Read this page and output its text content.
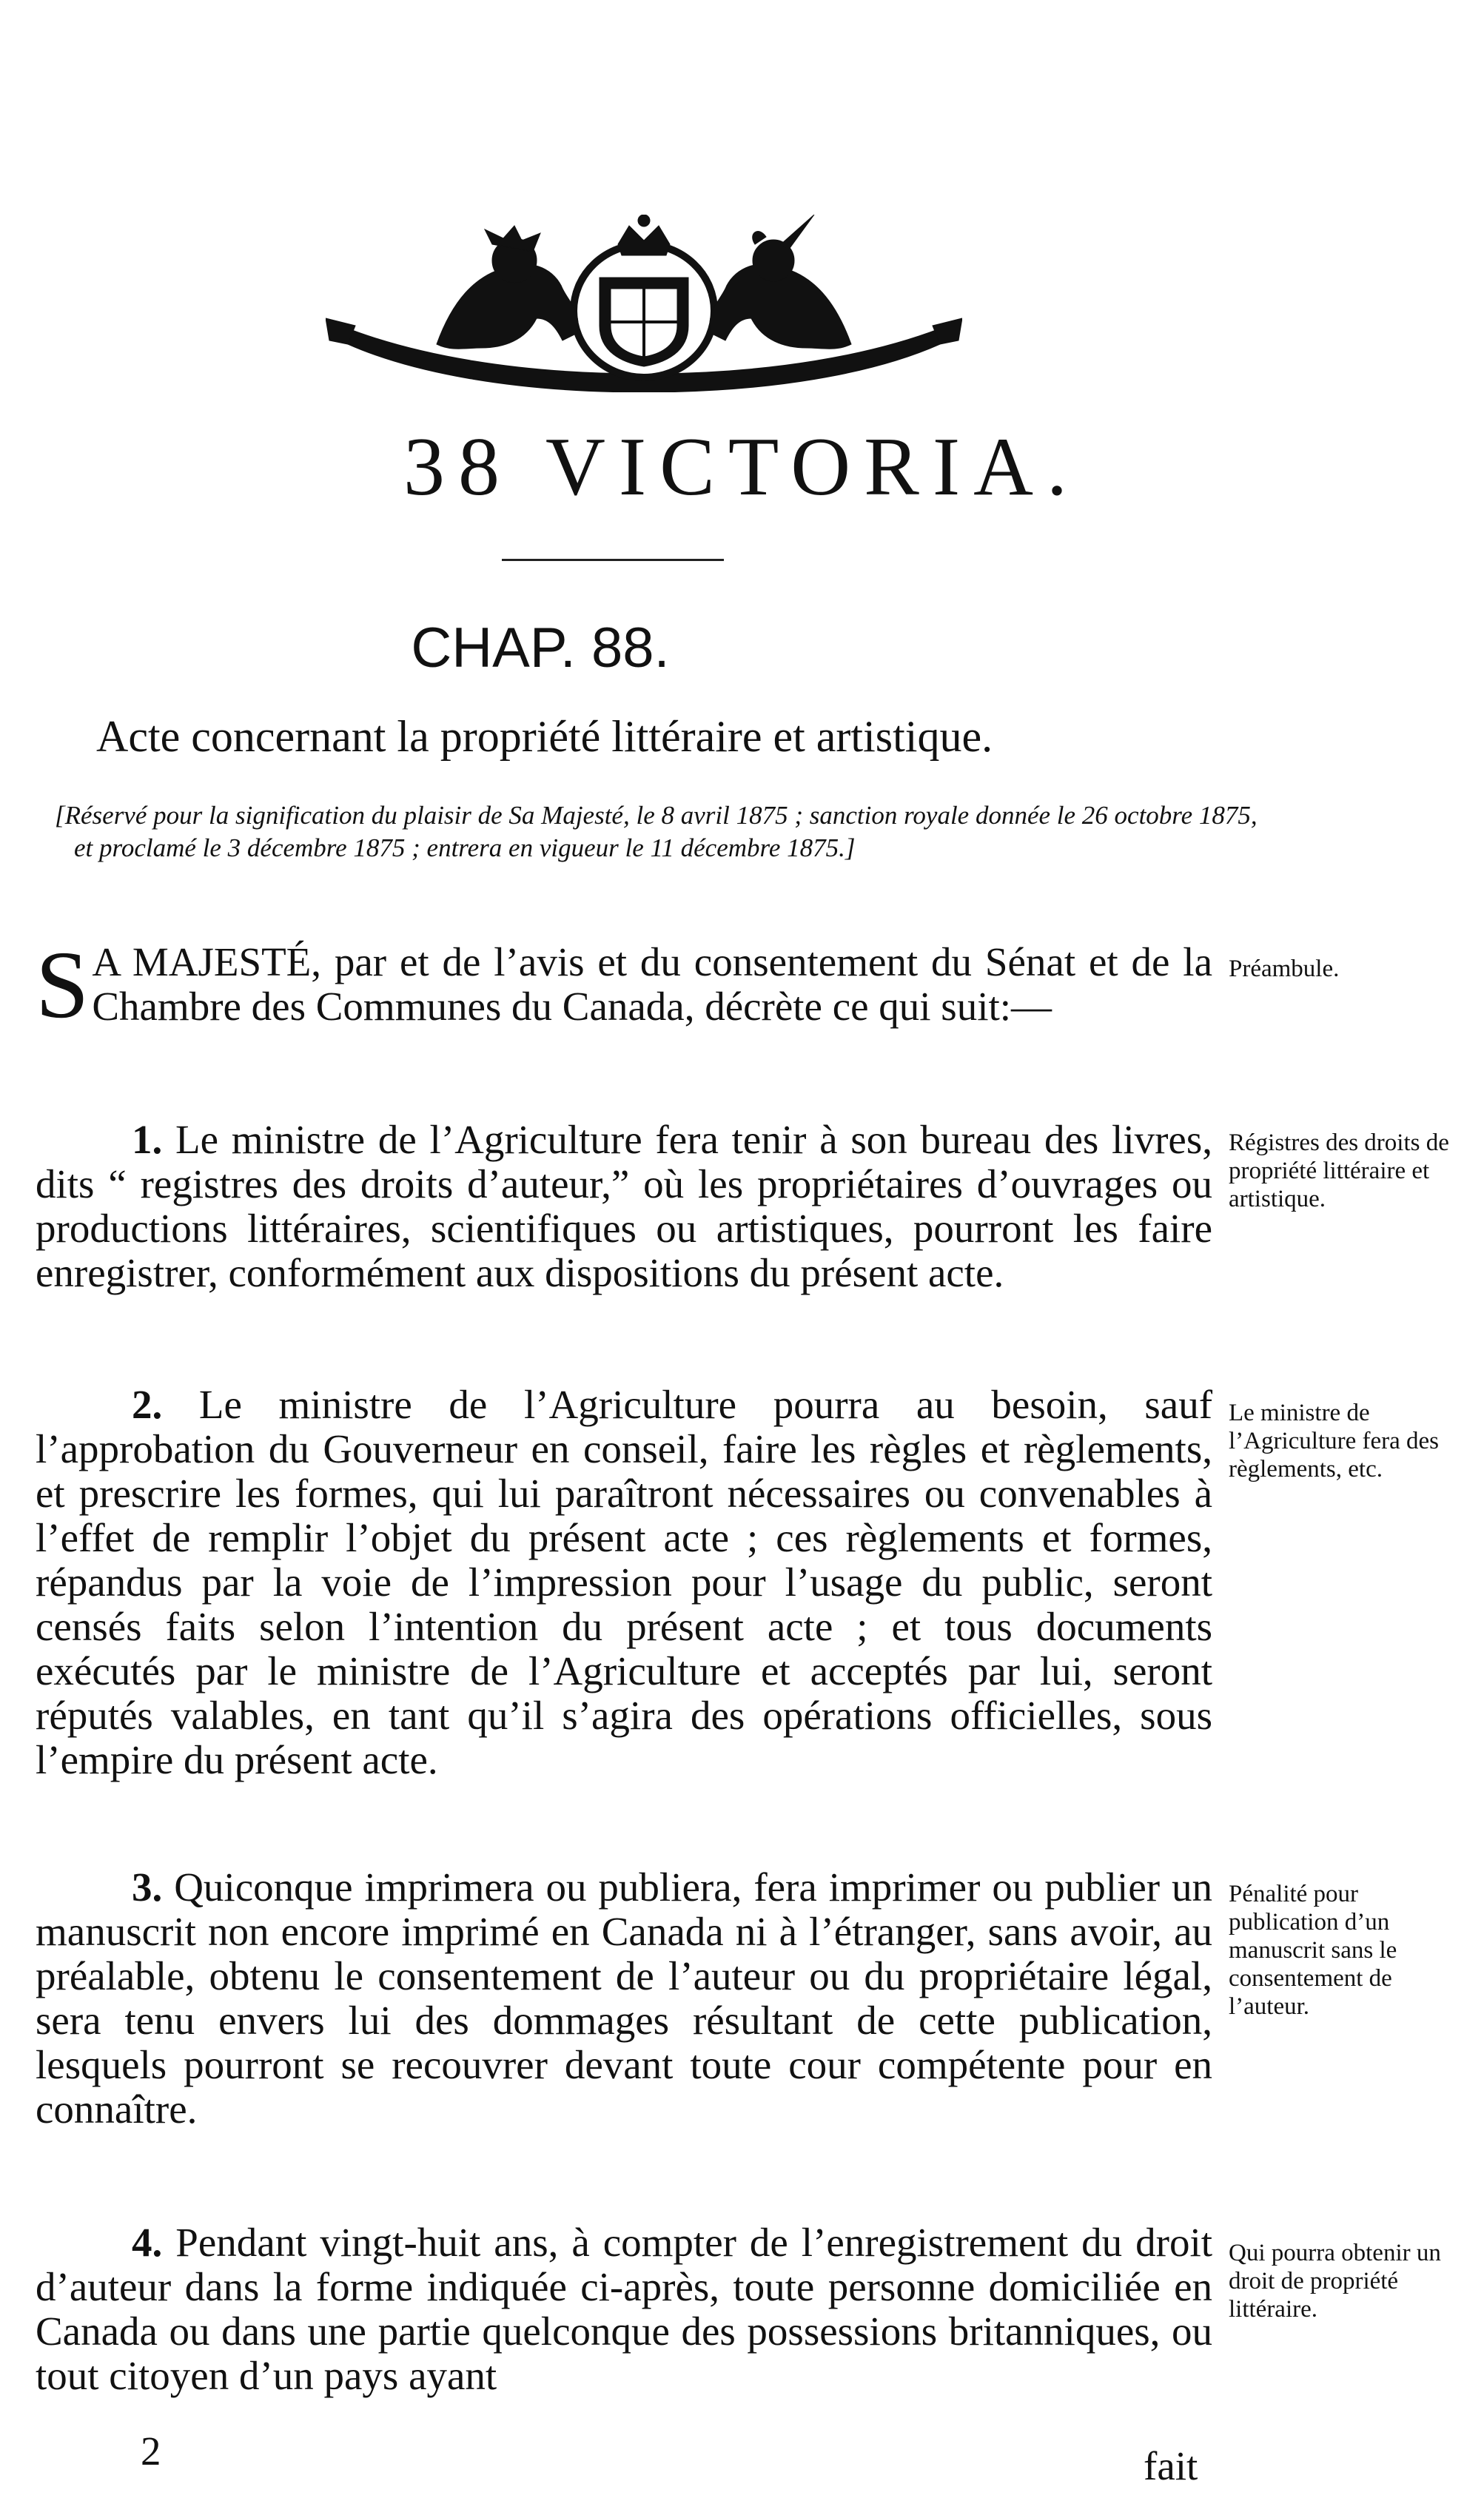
38 VICTORIA.
CHAP. 88.
Acte concernant la propriété littéraire et artistique.
[Réservé pour la signification du plaisir de Sa Majesté, le 8 avril 1875 ; sanction royale donnée le 26 octobre 1875, et proclamé le 3 décembre 1875 ; entrera en vigueur le 11 décembre 1875.]
S A MAJESTÉ, par et de l’avis et du consentement du Sénat et de la Chambre des Communes du Canada, décrète ce qui suit:—
Préambule.
1. Le ministre de l’Agriculture fera tenir à son bureau des livres, dits “ registres des droits d’auteur,” où les propriétaires d’ouvrages ou productions littéraires, scientifiques ou artistiques, pourront les faire enregistrer, conformément aux dispositions du présent acte.
Régistres des droits de propriété littéraire et artistique.
2. Le ministre de l’Agriculture pourra au besoin, sauf l’approbation du Gouverneur en conseil, faire les règles et règlements, et prescrire les formes, qui lui paraîtront nécessaires ou convenables à l’effet de remplir l’objet du présent acte ; ces règlements et formes, répandus par la voie de l’impression pour l’usage du public, seront censés faits selon l’intention du présent acte ; et tous documents exécutés par le ministre de l’Agriculture et acceptés par lui, seront réputés valables, en tant qu’il s’agira des opérations officielles, sous l’empire du présent acte.
Le ministre de l’Agriculture fera des règlements, etc.
3. Quiconque imprimera ou publiera, fera imprimer ou publier un manuscrit non encore imprimé en Canada ni à l’étranger, sans avoir, au préalable, obtenu le consentement de l’auteur ou du propriétaire légal, sera tenu envers lui des dommages résultant de cette publication, lesquels pourront se recouvrer devant toute cour compétente pour en connaître.
Pénalité pour publication d’un manuscrit sans le consentement de l’auteur.
4. Pendant vingt-huit ans, à compter de l’enregistrement du droit d’auteur dans la forme indiquée ci-après, toute personne domiciliée en Canada ou dans une partie quelconque des possessions britanniques, ou tout citoyen d’un pays ayant
Qui pourra obtenir un droit de propriété littéraire.
2	fait
